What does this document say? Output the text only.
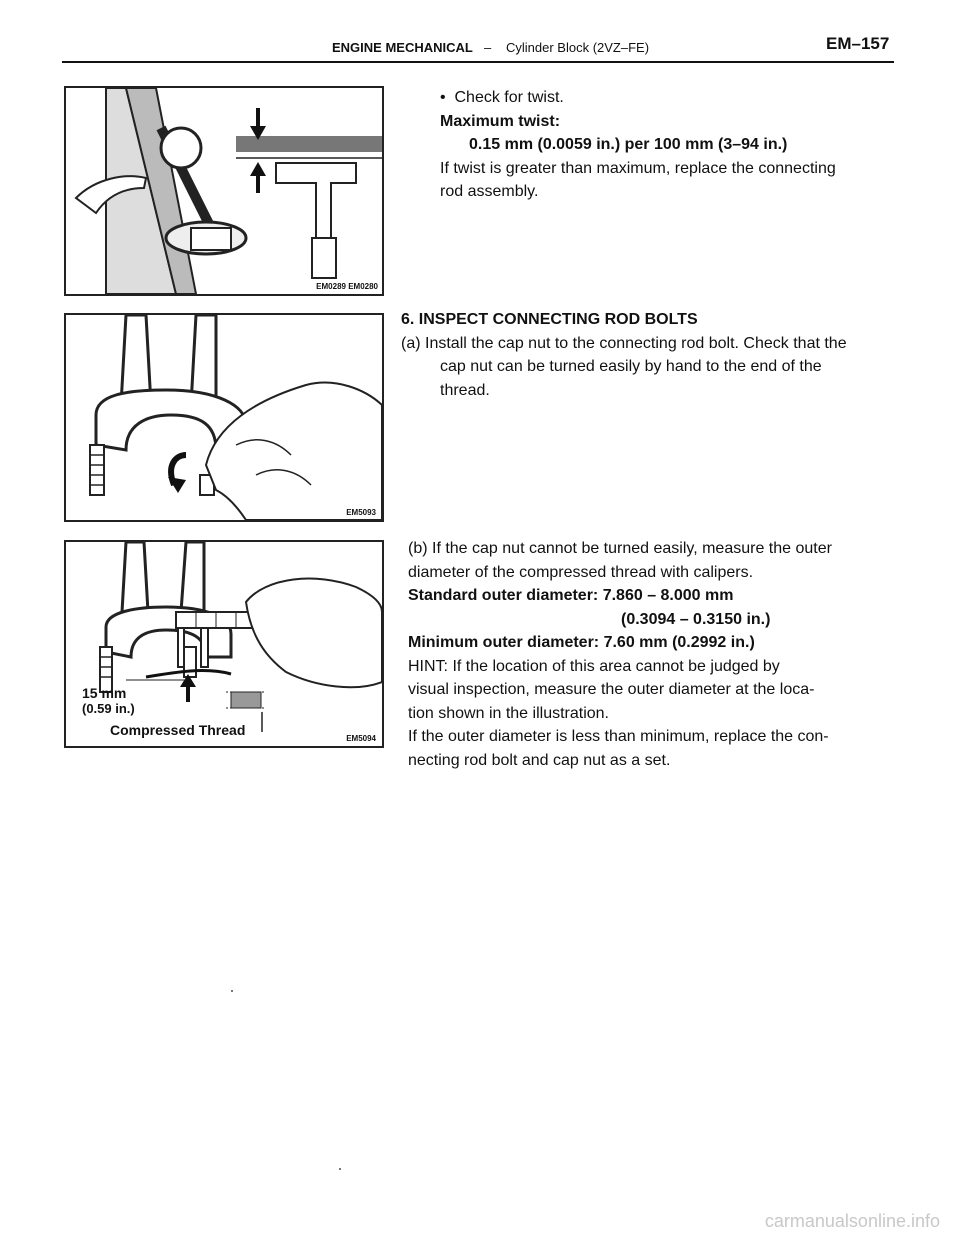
ENGINE MECHANICAL – Cylinder Block (2VZ–FE)	EM–157
EM0289 EM0280
• Check for twist.
Maximum twist:
0.15 mm (0.0059 in.) per 100 mm (3–94 in.)
If twist is greater than maximum, replace the connecting
rod assembly.
EM5093
6. INSPECT CONNECTING ROD BOLTS
(a) Install the cap nut to the connecting rod bolt. Check that the
cap nut can be turned easily by hand to the end of the
thread.
15 mm
(0.59 in.)
Compressed Thread
EM5094
(b) If the cap nut cannot be turned easily, measure the outer
diameter of the compressed thread with calipers.
Standard outer diameter: 7.860 – 8.000 mm
(0.3094 – 0.3150 in.)
Minimum outer diameter: 7.60 mm (0.2992 in.)
HINT: If the location of this area cannot be judged by
visual inspection, measure the outer diameter at the loca-
tion shown in the illustration.
If the outer diameter is less than minimum, replace the con-
necting rod bolt and cap nut as a set.
carmanualsonline.info
